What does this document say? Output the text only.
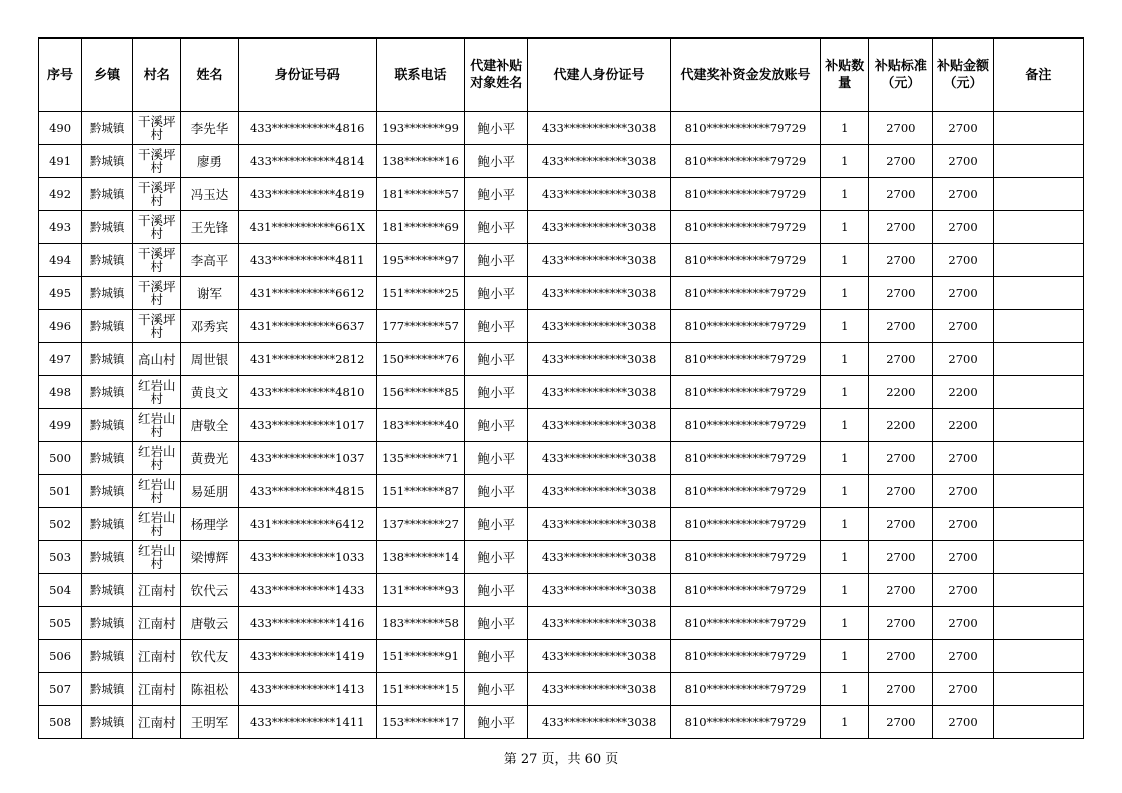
序号	乡镇	村名	姓名	身份证号码	联系电话	代建补贴对象姓名	代建人身份证号	代建奖补资金发放账号	补贴数量	补贴标准（元）	补贴金额（元）	备注
490	黔城镇	干溪坪村	李先华	433***********4816	193*******99	鲍小平	433***********3038	810***********79729	1	2700	2700	
491	黔城镇	干溪坪村	廖勇	433***********4814	138*******16	鲍小平	433***********3038	810***********79729	1	2700	2700	
492	黔城镇	干溪坪村	冯玉达	433***********4819	181*******57	鲍小平	433***********3038	810***********79729	1	2700	2700	
493	黔城镇	干溪坪村	王先锋	431***********661X	181*******69	鲍小平	433***********3038	810***********79729	1	2700	2700	
494	黔城镇	干溪坪村	李高平	433***********4811	195*******97	鲍小平	433***********3038	810***********79729	1	2700	2700	
495	黔城镇	干溪坪村	谢军	431***********6612	151*******25	鲍小平	433***********3038	810***********79729	1	2700	2700	
496	黔城镇	干溪坪村	邓秀宾	431***********6637	177*******57	鲍小平	433***********3038	810***********79729	1	2700	2700	
497	黔城镇	高山村	周世银	431***********2812	150*******76	鲍小平	433***********3038	810***********79729	1	2700	2700	
498	黔城镇	红岩山村	黄良文	433***********4810	156*******85	鲍小平	433***********3038	810***********79729	1	2200	2200	
499	黔城镇	红岩山村	唐敬全	433***********1017	183*******40	鲍小平	433***********3038	810***********79729	1	2200	2200	
500	黔城镇	红岩山村	黄费光	433***********1037	135*******71	鲍小平	433***********3038	810***********79729	1	2700	2700	
501	黔城镇	红岩山村	易延朋	433***********4815	151*******87	鲍小平	433***********3038	810***********79729	1	2700	2700	
502	黔城镇	红岩山村	杨理学	431***********6412	137*******27	鲍小平	433***********3038	810***********79729	1	2700	2700	
503	黔城镇	红岩山村	梁博辉	433***********1033	138*******14	鲍小平	433***********3038	810***********79729	1	2700	2700	
504	黔城镇	江南村	钦代云	433***********1433	131*******93	鲍小平	433***********3038	810***********79729	1	2700	2700	
505	黔城镇	江南村	唐敬云	433***********1416	183*******58	鲍小平	433***********3038	810***********79729	1	2700	2700	
506	黔城镇	江南村	钦代友	433***********1419	151*******91	鲍小平	433***********3038	810***********79729	1	2700	2700	
507	黔城镇	江南村	陈祖松	433***********1413	151*******15	鲍小平	433***********3038	810***********79729	1	2700	2700	
508	黔城镇	江南村	王明军	433***********1411	153*******17	鲍小平	433***********3038	810***********79729	1	2700	2700	
第 27 页，共 60 页
